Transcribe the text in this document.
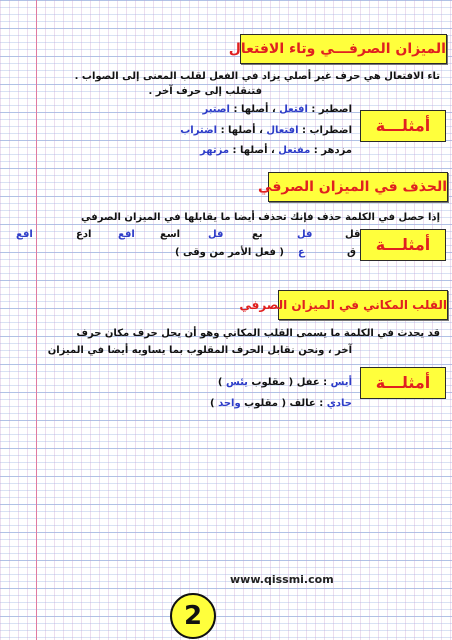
الميزان الصرفـــي وتاء الافتعال
تاء الافتعال هي حرف غير أصلي يزاد في الفعل لقلب المعنى إلى الصواب .
فتنقلب إلى حرف آخر .
أمثلـــة
اصطبر : افتعل ، أصلها : اصتبر
اضطراب : افتعال ، أصلها : اضتراب
مزدهر : مفتعل ، أصلها : مزتهر
الحذف في الميزان الصرفي
إذا حصل في الكلمة حذف فإنك تحذف أيضا ما يقابلها في الميزان الصرفي
أمثلـــة
قل
فل
بع
فل
اسع
افع
ادع
افع
ق
ع
( فعل الأمر من وقى )
القلب المكاني في الميزان الصرفي
قد يحدث في الكلمة ما يسمى القلب المكاني وهو أن يحل حرف مكان حرف
آخر ، ونحن نقابل الحرف المقلوب بما يساويه أيضا في الميزان
أمثلـــة
أيس : عفل ( مقلوب يئس )
حادي : عالف ( مقلوب واحد )
www.qissmi.com
2
